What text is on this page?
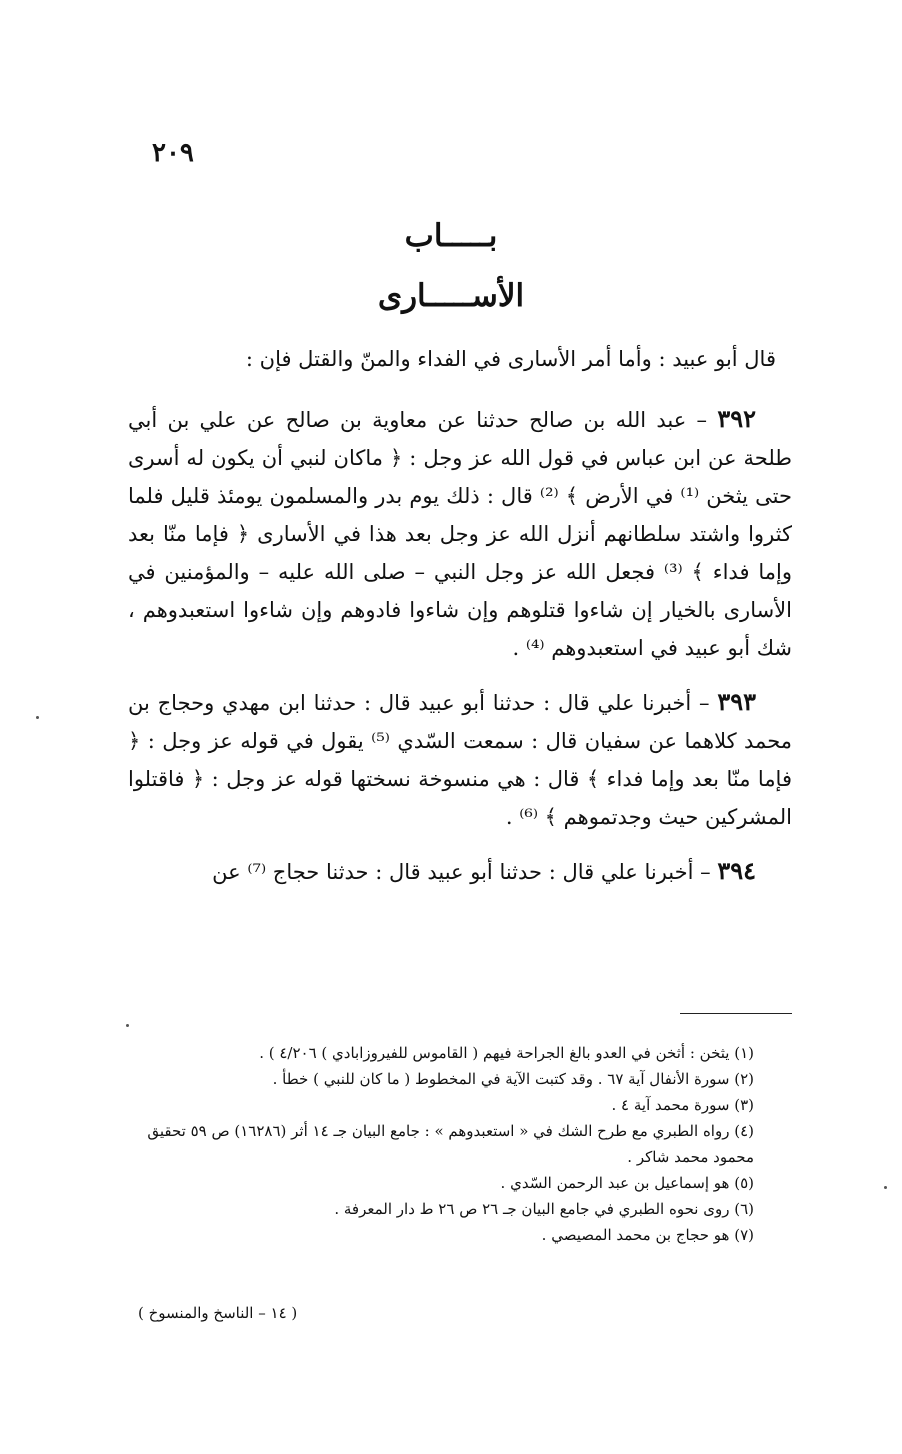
٢٠٩
بـــــاب
الأســـــارى

قال أبو عبيد : وأما أمر الأسارى في الفداء والمنّ والقتل فإن :

٣٩٢ – عبد الله بن صالح حدثنا عن معاوية بن صالح عن علي بن أبي طلحة عن ابن عباس في قول الله عز وجل : ﴿ ماكان لنبي أن يكون له أسرى حتى يثخن ⁽¹⁾ في الأرض ﴾ ⁽²⁾ قال : ذلك يوم بدر والمسلمون يومئذ قليل فلما كثروا واشتد سلطانهم أنزل الله عز وجل بعد هذا في الأسارى ﴿ فإما منّا بعد وإما فداء ﴾ ⁽³⁾ فجعل الله عز وجل النبي – صلى الله عليه – والمؤمنين في الأسارى بالخيار إن شاءوا قتلوهم وإن شاءوا فادوهم وإن شاءوا استعبدوهم ، شك أبو عبيد في استعبدوهم ⁽⁴⁾ .

٣٩٣ – أخبرنا علي قال : حدثنا أبو عبيد قال : حدثنا ابن مهدي وحجاج بن محمد كلاهما عن سفيان قال : سمعت السّدي ⁽⁵⁾ يقول في قوله عز وجل : ﴿ فإما منّا بعد وإما فداء ﴾ قال : هي منسوخة نسختها قوله عز وجل : ﴿ فاقتلوا المشركين حيث وجدتموهم ﴾ ⁽⁶⁾ .

٣٩٤ – أخبرنا علي قال : حدثنا أبو عبيد قال : حدثنا حجاج ⁽⁷⁾ عن

(١) يثخن : أثخن في العدو بالغ الجراحة فيهم ( القاموس للفيروزابادي ) ٤/٢٠٦ ) .

(٢) سورة الأنفال آية ٦٧ . وقد كتبت الآية في المخطوط ( ما كان للنبي ) خطأ .

(٣) سورة محمد آية ٤ .

(٤) رواه الطبري مع طرح الشك في « استعبدوهم » : جامع البيان جـ ١٤ أثر (١٦٢٨٦) ص ٥٩ تحقيق محمود محمد شاكر .

(٥) هو إسماعيل بن عبد الرحمن السّدي .

(٦) روى نحوه الطبري في جامع البيان جـ ٢٦ ص ٢٦ ط دار المعرفة .

(٧) هو حجاج بن محمد المصيصي .

( ١٤ – الناسخ والمنسوخ )
